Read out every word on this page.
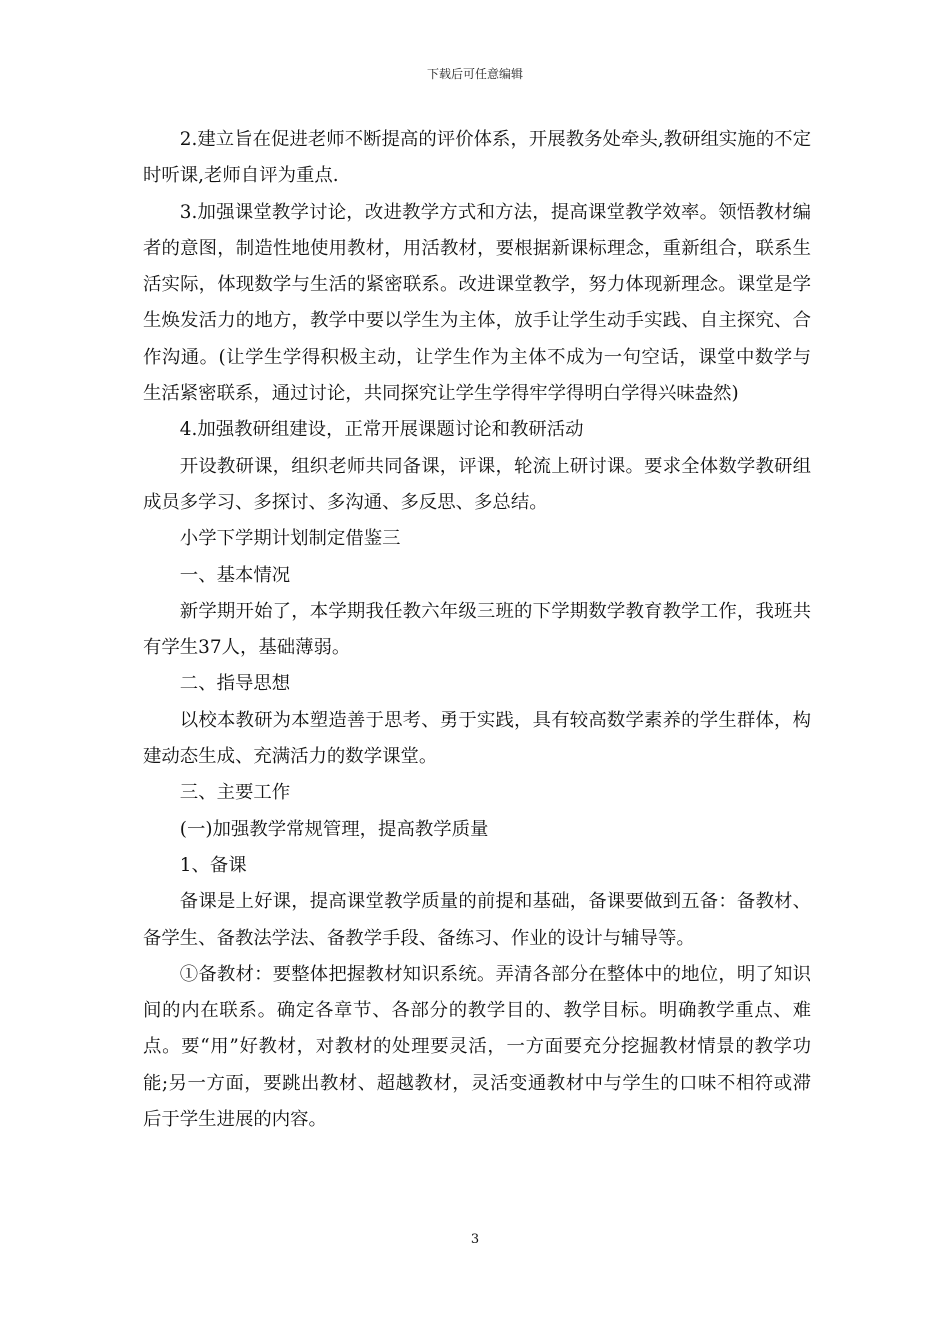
下载后可任意编辑

2.建立旨在促进老师不断提高的评价体系，开展教务处牵头,教研组实施的不定时听课,老师自评为重点.

3.加强课堂教学讨论，改进教学方式和方法，提高课堂教学效率。领悟教材编者的意图，制造性地使用教材，用活教材，要根据新课标理念，重新组合，联系生活实际，体现数学与生活的紧密联系。改进课堂教学，努力体现新理念。课堂是学生焕发活力的地方，教学中要以学生为主体，放手让学生动手实践、自主探究、合作沟通。(让学生学得积极主动，让学生作为主体不成为一句空话，课堂中数学与生活紧密联系，通过讨论，共同探究让学生学得牢学得明白学得兴味盎然)

4.加强教研组建设，正常开展课题讨论和教研活动

开设教研课，组织老师共同备课，评课，轮流上研讨课。要求全体数学教研组成员多学习、多探讨、多沟通、多反思、多总结。

小学下学期计划制定借鉴三

一、基本情况

新学期开始了，本学期我任教六年级三班的下学期数学教育教学工作，我班共有学生37人，基础薄弱。

二、指导思想

以校本教研为本塑造善于思考、勇于实践，具有较高数学素养的学生群体，构建动态生成、充满活力的数学课堂。

三、主要工作

(一)加强教学常规管理，提高教学质量

1、备课

备课是上好课，提高课堂教学质量的前提和基础，备课要做到五备：备教材、备学生、备教法学法、备教学手段、备练习、作业的设计与辅导等。

①备教材：要整体把握教材知识系统。弄清各部分在整体中的地位，明了知识间的内在联系。确定各章节、各部分的教学目的、教学目标。明确教学重点、难点。要“用”好教材，对教材的处理要灵活，一方面要充分挖掘教材情景的教学功能;另一方面，要跳出教材、超越教材，灵活变通教材中与学生的口味不相符或滞后于学生进展的内容。

3
